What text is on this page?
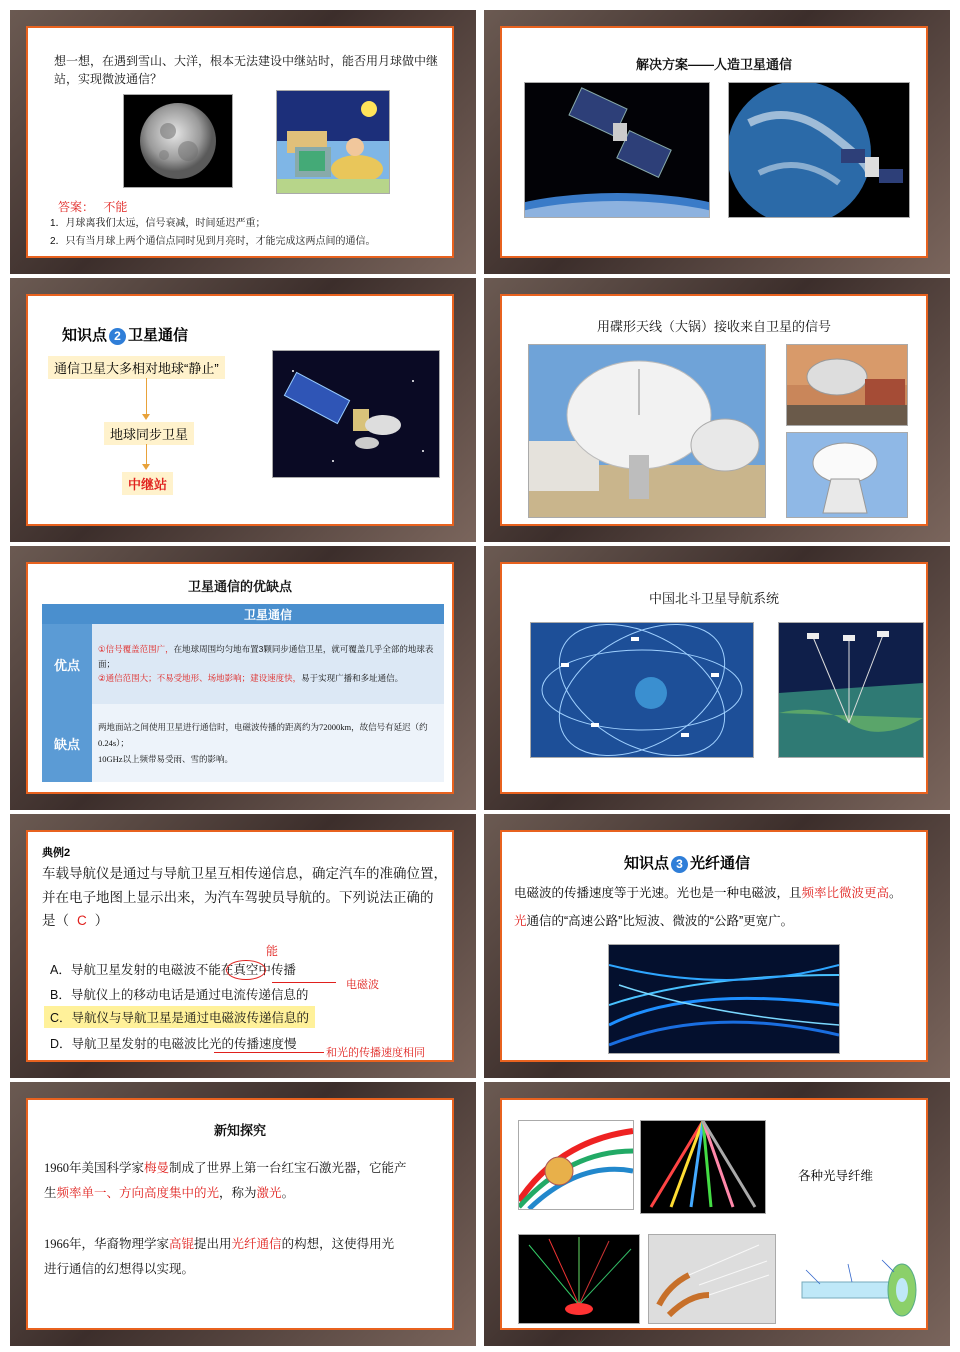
想一想，在遇到雪山、大洋，根本无法建设中继站时，能否用月球做中继
站，实现微波通信？
答案： 不能
1．月球离我们太远，信号衰减，时间延迟严重；
2．只有当月球上两个通信点同时见到月亮时，才能完成这两点间的通信。
解决方案——人造卫星通信
知识点 2 卫星通信
通信卫星大多相对地球“静止”
地球同步卫星
中继站
用碟形天线（大锅）接收来自卫星的信号
卫星通信的优缺点
	卫星通信
优点	①信号覆盖范围广，在地球周围均匀地布置3颗同步通信卫星，就可覆盖几乎全部的地球表面；
②通信范围大；不易受地形、场地影响；建设速度快，易于实现广播和多址通信。
缺点	两地面站之间使用卫星进行通信时，电磁波传播的距离约为72000km，故信号有延迟（约0.24s）；
10GHz以上频带易受雨、雪的影响。
中国北斗卫星导航系统
典例2
车载导航仪是通过与导航卫星互相传递信息，确定汽车的准确位置，
并在电子地图上显示出来，为汽车驾驶员导航的。下列说法正确的
是（ C ）
A．导航卫星发射的电磁波不能在真空中传播
B．导航仪上的移动电话是通过电流传递信息的
C．导航仪与导航卫星是通过电磁波传递信息的
D．导航卫星发射的电磁波比光的传播速度慢
能
电磁波
和光的传播速度相同
知识点 3 光纤通信
电磁波的传播速度等于光速。光也是一种电磁波，且频率比微波更高。
光通信的“高速公路”比短波、微波的“公路”更宽广。
新知探究
1960年美国科学家梅曼制成了世界上第一台红宝石激光器，它能产
生频率单一、方向高度集中的光，称为激光。
1966年，华裔物理学家高锟提出用光纤通信的构想，这使得用光
进行通信的幻想得以实现。
各种光导纤维
